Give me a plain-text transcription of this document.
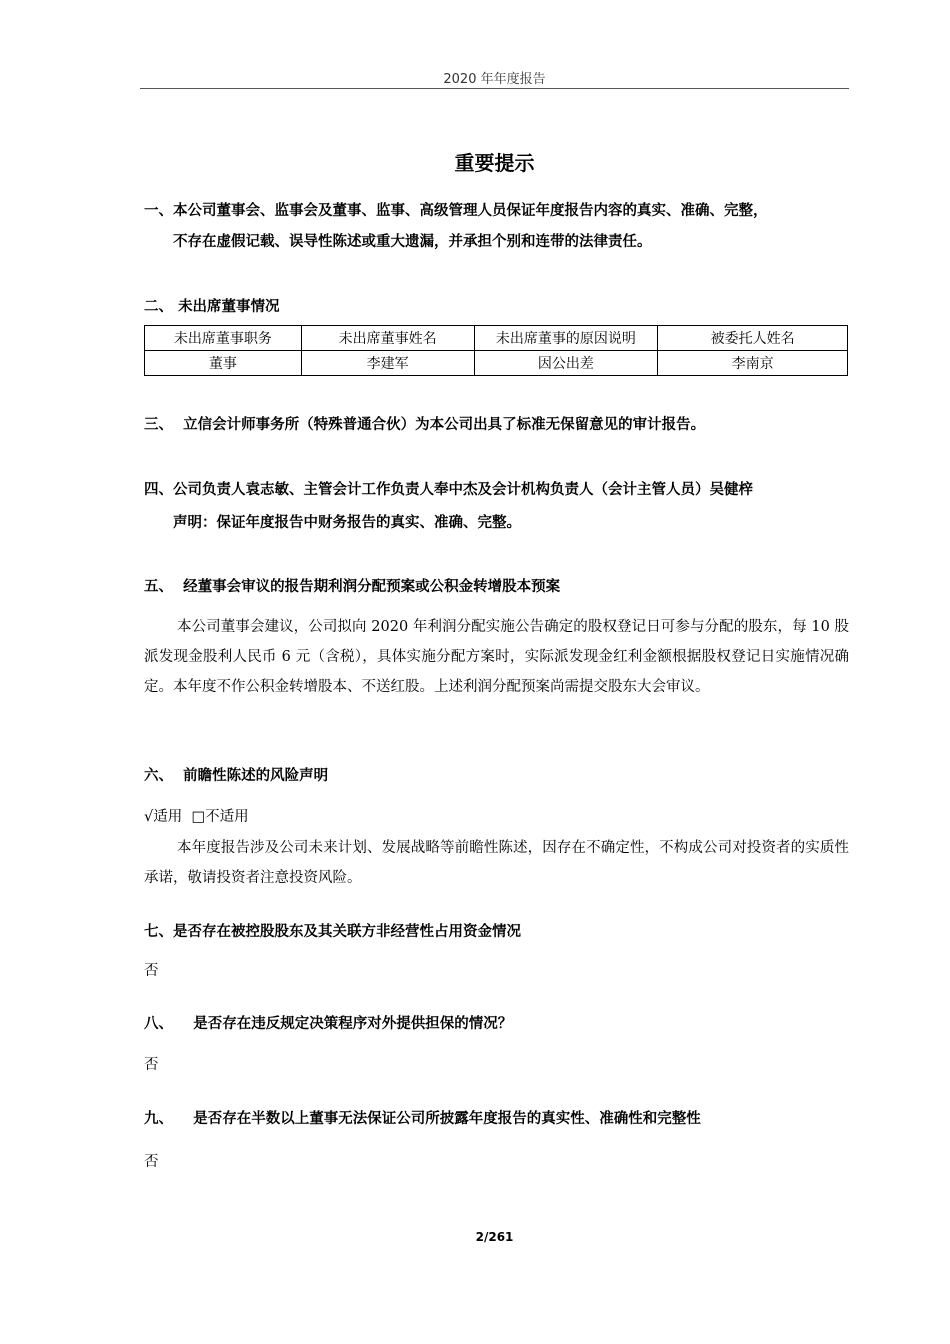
2020 年年度报告
重要提示
一、本公司董事会、监事会及董事、监事、高级管理人员保证年度报告内容的真实、准确、完整，
不存在虚假记载、误导性陈述或重大遗漏，并承担个别和连带的法律责任。
二、 未出席董事情况
未出席董事职务	未出席董事姓名	未出席董事的原因说明	被委托人姓名
董事	李建军	因公出差	李南京
三、 立信会计师事务所（特殊普通合伙）为本公司出具了标准无保留意见的审计报告。
四、公司负责人袁志敏、主管会计工作负责人奉中杰及会计机构负责人（会计主管人员）吴健梓
声明：保证年度报告中财务报告的真实、准确、完整。
五、 经董事会审议的报告期利润分配预案或公积金转增股本预案
本公司董事会建议，公司拟向 2020 年利润分配实施公告确定的股权登记日可参与分配的股东，每 10 股派发现金股利人民币 6 元（含税），具体实施分配方案时，实际派发现金红利金额根据股权登记日实施情况确定。本年度不作公积金转增股本、不送红股。上述利润分配预案尚需提交股东大会审议。
六、 前瞻性陈述的风险声明
√适用 □不适用
本年度报告涉及公司未来计划、发展战略等前瞻性陈述，因存在不确定性，不构成公司对投资者的实质性承诺，敬请投资者注意投资风险。
七、是否存在被控股股东及其关联方非经营性占用资金情况
否
八、 是否存在违反规定决策程序对外提供担保的情况？
否
九、 是否存在半数以上董事无法保证公司所披露年度报告的真实性、准确性和完整性
否
2/261
